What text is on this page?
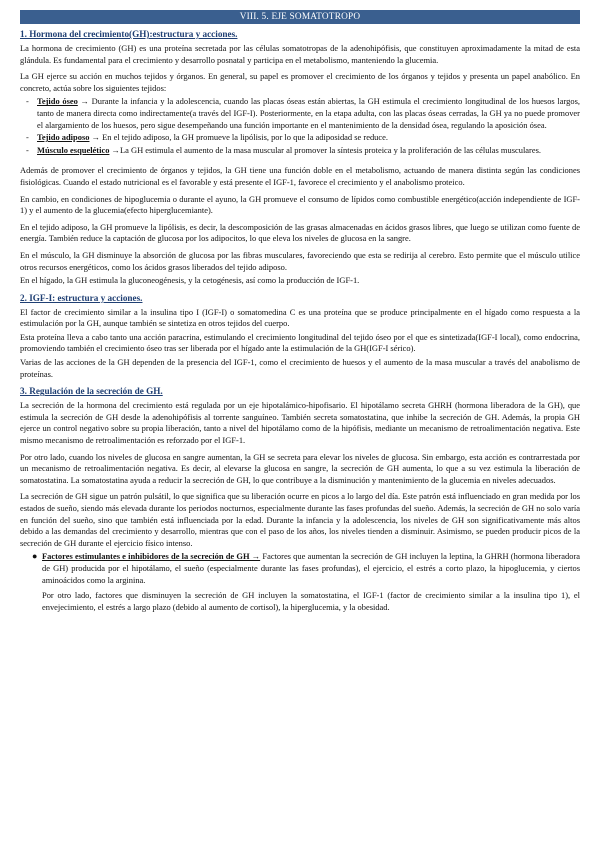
VIII. 5. EJE SOMATOTROPO
1. Hormona del crecimiento(GH):estructura y acciones.

La hormona de crecimiento (GH) es una proteína secretada por las células somatotropas de la adenohipófisis, que constituyen aproximadamente la mitad de esta glándula. Es fundamental para el crecimiento y desarrollo posnatal y participa en el metabolismo, manteniendo la glucemia.

La GH ejerce su acción en muchos tejidos y órganos. En general, su papel es promover el crecimiento de los órganos y tejidos y presenta un papel anabólico. En concreto, actúa sobre los siguientes tejidos:

- Tejido óseo → Durante la infancia y la adolescencia, cuando las placas óseas están abiertas, la GH estimula el crecimiento longitudinal de los huesos largos, tanto de manera directa como indirectamente(a través del IGF-I). Posteriormente, en la etapa adulta, con las placas óseas cerradas, la GH ya no puede promover el alargamiento de los huesos, pero sigue desempeñando una función importante en el mantenimiento de la densidad ósea, regulando la aposición ósea.
- Tejido adiposo → En el tejido adiposo, la GH promueve la lipólisis, por lo que la adiposidad se reduce.
- Músculo esquelético →La GH estimula el aumento de la masa muscular al promover la síntesis proteica y la proliferación de las células musculares.

Además de promover el crecimiento de órganos y tejidos, la GH tiene una función doble en el metabolismo, actuando de manera distinta según las condiciones fisiológicas. Cuando el estado nutricional es el favorable y está presente el IGF-1, favorece el crecimiento y el anabolismo proteico.

En cambio, en condiciones de hipoglucemia o durante el ayuno, la GH promueve el consumo de lípidos como combustible energético(acción independiente de IGF-1) y el aumento de la glucemia(efecto hiperglucemiante).

En el tejido adiposo, la GH promueve la lipólisis, es decir, la descomposición de las grasas almacenadas en ácidos grasos libres, que luego se utilizan como fuente de energía. También reduce la captación de glucosa por los adipocitos, lo que eleva los niveles de glucosa en la sangre.

En el músculo, la GH disminuye la absorción de glucosa por las fibras musculares, favoreciendo que esta se redirija al cerebro. Esto permite que el músculo utilice otros recursos energéticos, como los ácidos grasos liberados del tejido adiposo.

En el hígado, la GH estimula la gluconeogénesis, y la cetogénesis, así como la producción de IGF-1.

2. IGF-I: estructura y acciones.

El factor de crecimiento similar a la insulina tipo I (IGF-I) o somatomedina C es una proteína que se produce principalmente en el hígado como respuesta a la estimulación por la GH, aunque también se sintetiza en otros tejidos del cuerpo.

Esta proteína lleva a cabo tanto una acción paracrina, estimulando el crecimiento longitudinal del tejido óseo por el que es sintetizada(IGF-I local), como endocrina, promoviendo también el crecimiento óseo tras ser liberada por el hígado ante la estimulación de la GH(IGF-I sérico).

Varias de las acciones de la GH dependen de la presencia del IGF-1, como el crecimiento de huesos y el aumento de la masa muscular a través del anabolismo de proteínas.

3. Regulación de la secreción de GH.

La secreción de la hormona del crecimiento está regulada por un eje hipotalámico-hipofisario. El hipotálamo secreta GHRH (hormona liberadora de la GH), que estimula la secreción de GH desde la adenohipófisis al torrente sanguíneo. También secreta somatostatina, que inhibe la secreción de GH. Además, la propia GH ejerce un control negativo sobre su propia liberación, tanto a nivel del hipotálamo como de la hipófisis, mediante un mecanismo de retroalimentación negativa. Este mismo mecanismo de retroalimentación es reforzado por el IGF-1.

Por otro lado, cuando los niveles de glucosa en sangre aumentan, la GH se secreta para elevar los niveles de glucosa. Sin embargo, esta acción es contrarrestada por un mecanismo de retroalimentación negativa. Es decir, al elevarse la glucosa en sangre, la secreción de GH aumenta, lo que a su vez estimula la liberación de somatostatina. La somatostatina ayuda a reducir la secreción de GH, lo que contribuye a la disminución y mantenimiento de la glucemia en niveles adecuados.

La secreción de GH sigue un patrón pulsátil, lo que significa que su liberación ocurre en picos a lo largo del día. Este patrón está influenciado en gran medida por los estados de sueño, siendo más elevada durante los periodos nocturnos, especialmente durante las fases profundas del sueño. Además, la secreción de GH no solo varía en función del sueño, sino que también está influenciada por la edad. Durante la infancia y la adolescencia, los niveles de GH son significativamente más altos debido a las demandas del crecimiento y desarrollo, mientras que con el paso de los años, los niveles tienden a disminuir. Asimismo, se pueden producir picos de la secreción de GH durante el ejercicio físico intenso.

● Factores estimulantes e inhibidores de la secreción de GH → Factores que aumentan la secreción de GH incluyen la leptina, la GHRH (hormona liberadora de GH) producida por el hipotálamo, el sueño (especialmente durante las fases profundas), el ejercicio, el estrés a corto plazo, la hipoglucemia, y ciertos aminoácidos como la arginina.
Por otro lado, factores que disminuyen la secreción de GH incluyen la somatostatina, el IGF-1 (factor de crecimiento similar a la insulina tipo 1), el envejecimiento, el estrés a largo plazo (debido al aumento de cortisol), la hiperglucemia, y la obesidad.
